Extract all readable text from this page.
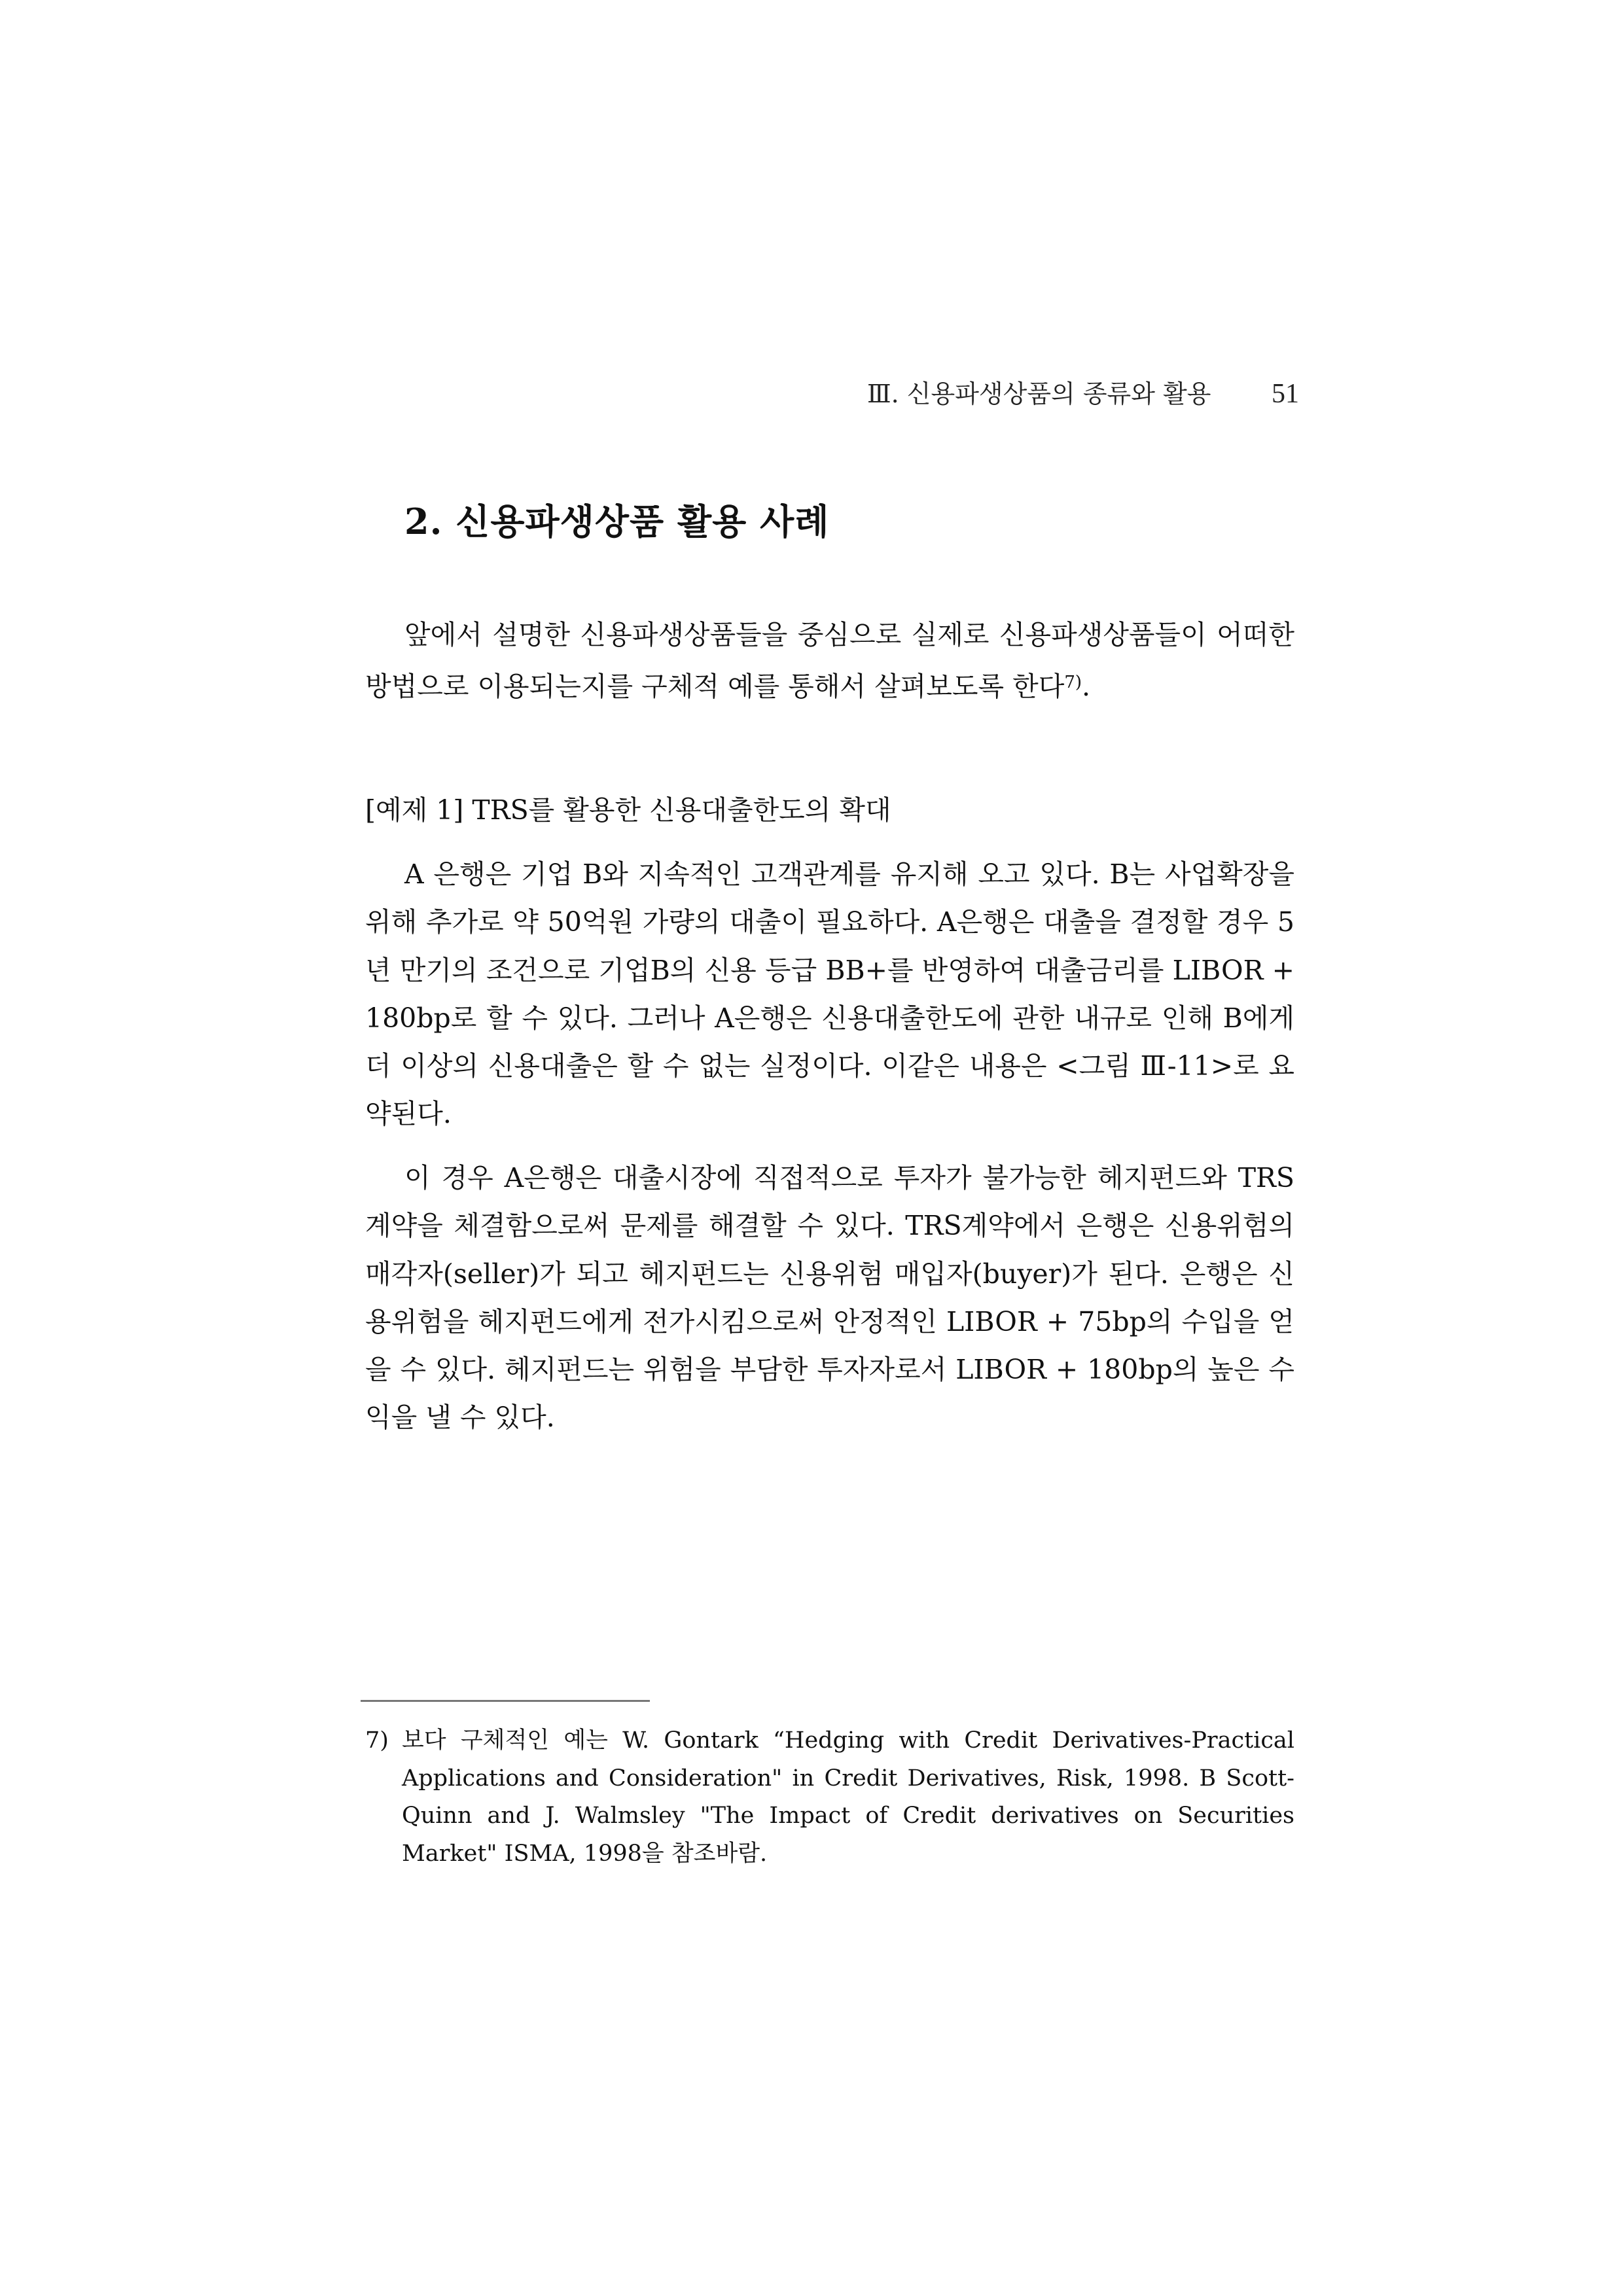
Ⅲ. 신용파생상품의 종류와 활용 51
2. 신용파생상품 활용 사례

앞에서 설명한 신용파생상품들을 중심으로 실제로 신용파생상품들이 어떠한 방법으로 이용되는지를 구체적 예를 통해서 살펴보도록 한다$^{7)}$.

[예제 1] TRS를 활용한 신용대출한도의 확대

A 은행은 기업 B와 지속적인 고객관계를 유지해 오고 있다. B는 사업확장을 위해 추가로 약 50억원 가량의 대출이 필요하다. A은행은 대출을 결정할 경우 5년 만기의 조건으로 기업B의 신용 등급 BB+를 반영하여 대출금리를 LIBOR + 180bp로 할 수 있다. 그러나 A은행은 신용대출한도에 관한 내규로 인해 B에게 더 이상의 신용대출은 할 수 없는 실정이다. 이같은 내용은 <그림 Ⅲ-11>로 요약된다.

이 경우 A은행은 대출시장에 직접적으로 투자가 불가능한 헤지펀드와 TRS계약을 체결함으로써 문제를 해결할 수 있다. TRS계약에서 은행은 신용위험의 매각자(seller)가 되고 헤지펀드는 신용위험 매입자(buyer)가 된다. 은행은 신용위험을 헤지펀드에게 전가시킴으로써 안정적인 LIBOR + 75bp의 수입을 얻을 수 있다. 헤지펀드는 위험을 부담한 투자자로서 LIBOR + 180bp의 높은 수익을 낼 수 있다.

7) 보다 구체적인 예는 W. Gontark “Hedging with Credit Derivatives-Practical Applications and Consideration" in Credit Derivatives, Risk, 1998. B Scott-Quinn and J. Walmsley "The Impact of Credit derivatives on Securities Market" ISMA, 1998을 참조바람.
